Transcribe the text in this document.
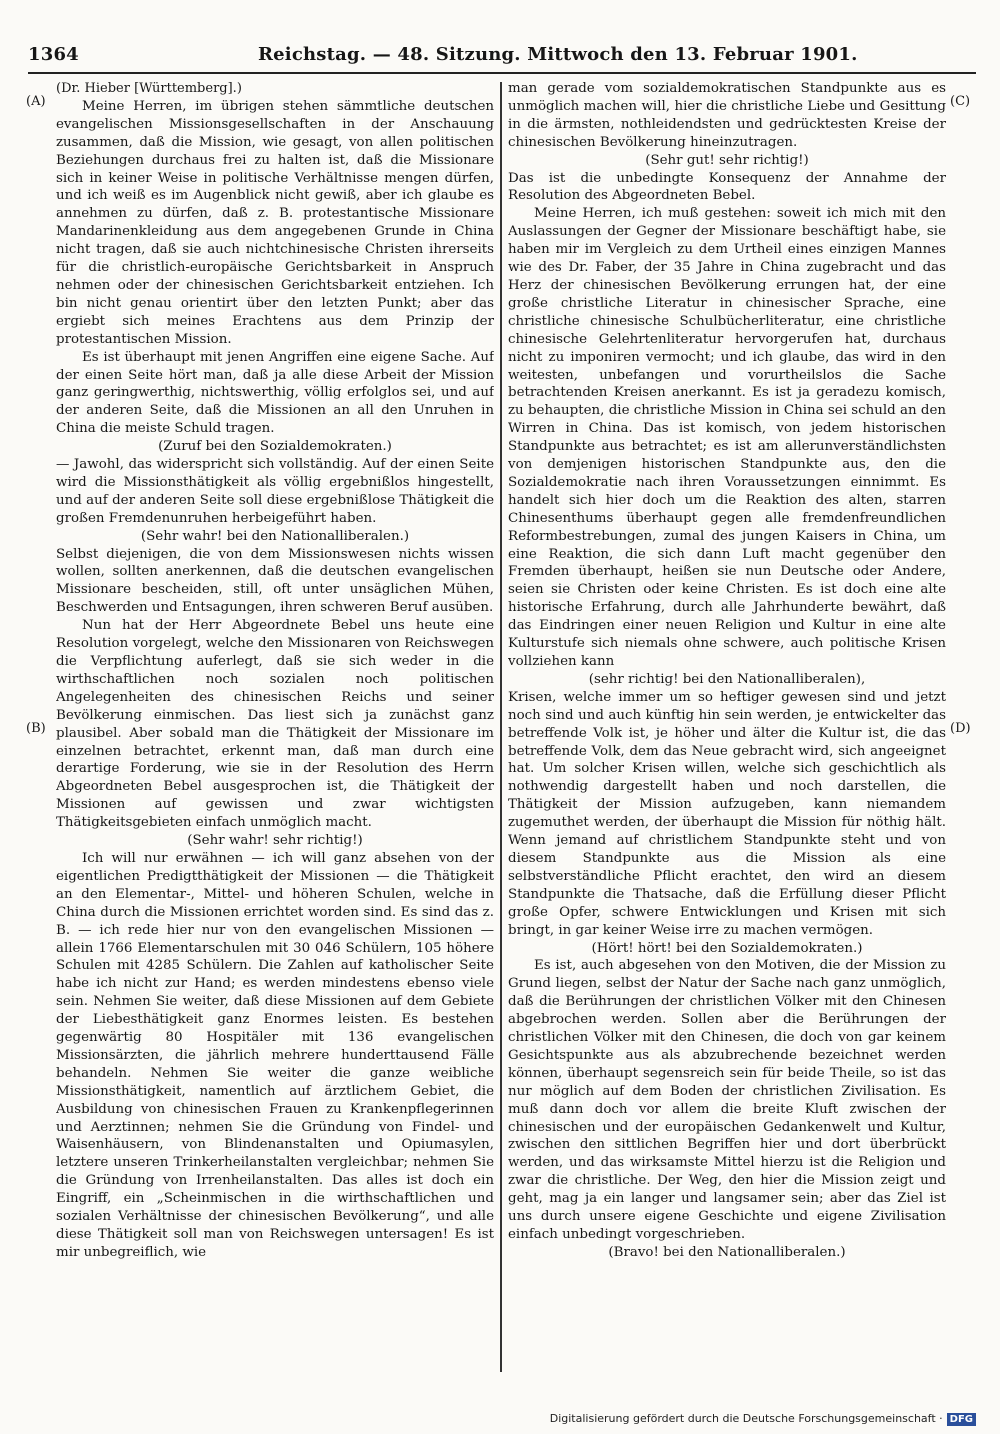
1364	Reichstag. — 48. Sitzung. Mittwoch den 13. Februar 1901.
(A)
(B)
(C)
(D)

(Dr. Hieber [Württemberg].)

Meine Herren, im übrigen stehen sämmtliche deutschen evangelischen Missionsgesellschaften in der Anschauung zusammen, daß die Mission, wie gesagt, von allen politischen Beziehungen durchaus frei zu halten ist, daß die Missionare sich in keiner Weise in politische Verhältnisse mengen dürfen, und ich weiß es im Augenblick nicht gewiß, aber ich glaube es annehmen zu dürfen, daß z. B. protestantische Missionare Mandarinenkleidung aus dem angegebenen Grunde in China nicht tragen, daß sie auch nichtchinesische Christen ihrerseits für die christlich-europäische Gerichtsbarkeit in Anspruch nehmen oder der chinesischen Gerichtsbarkeit entziehen. Ich bin nicht genau orientirt über den letzten Punkt; aber das ergiebt sich meines Erachtens aus dem Prinzip der protestantischen Mission.

Es ist überhaupt mit jenen Angriffen eine eigene Sache. Auf der einen Seite hört man, daß ja alle diese Arbeit der Mission ganz geringwerthig, nichtswerthig, völlig erfolglos sei, und auf der anderen Seite, daß die Missionen an all den Unruhen in China die meiste Schuld tragen.

(Zuruf bei den Sozialdemokraten.)

— Jawohl, das widerspricht sich vollständig. Auf der einen Seite wird die Missionsthätigkeit als völlig ergebnißlos hingestellt, und auf der anderen Seite soll diese ergebnißlose Thätigkeit die großen Fremdenunruhen herbeigeführt haben.

(Sehr wahr! bei den Nationalliberalen.)

Selbst diejenigen, die von dem Missionswesen nichts wissen wollen, sollten anerkennen, daß die deutschen evangelischen Missionare bescheiden, still, oft unter unsäglichen Mühen, Beschwerden und Entsagungen, ihren schweren Beruf ausüben.

Nun hat der Herr Abgeordnete Bebel uns heute eine Resolution vorgelegt, welche den Missionaren von Reichswegen die Verpflichtung auferlegt, daß sie sich weder in die wirthschaftlichen noch sozialen noch politischen Angelegenheiten des chinesischen Reichs und seiner Bevölkerung einmischen. Das liest sich ja zunächst ganz plausibel. Aber sobald man die Thätigkeit der Missionare im einzelnen betrachtet, erkennt man, daß man durch eine derartige Forderung, wie sie in der Resolution des Herrn Abgeordneten Bebel ausgesprochen ist, die Thätigkeit der Missionen auf gewissen und zwar wichtigsten Thätigkeitsgebieten einfach unmöglich macht.

(Sehr wahr! sehr richtig!)

Ich will nur erwähnen — ich will ganz absehen von der eigentlichen Predigtthätigkeit der Missionen — die Thätigkeit an den Elementar-, Mittel- und höheren Schulen, welche in China durch die Missionen errichtet worden sind. Es sind das z. B. — ich rede hier nur von den evangelischen Missionen — allein 1766 Elementarschulen mit 30 046 Schülern, 105 höhere Schulen mit 4285 Schülern. Die Zahlen auf katholischer Seite habe ich nicht zur Hand; es werden mindestens ebenso viele sein. Nehmen Sie weiter, daß diese Missionen auf dem Gebiete der Liebesthätigkeit ganz Enormes leisten. Es bestehen gegenwärtig 80 Hospitäler mit 136 evangelischen Missionsärzten, die jährlich mehrere hunderttausend Fälle behandeln. Nehmen Sie weiter die ganze weibliche Missionsthätigkeit, namentlich auf ärztlichem Gebiet, die Ausbildung von chinesischen Frauen zu Krankenpflegerinnen und Aerztinnen; nehmen Sie die Gründung von Findel- und Waisenhäusern, von Blindenanstalten und Opiumasylen, letztere unseren Trinkerheilanstalten vergleichbar; nehmen Sie die Gründung von Irrenheilanstalten. Das alles ist doch ein Eingriff, ein „Scheinmischen in die wirthschaftlichen und sozialen Verhältnisse der chinesischen Bevölkerung“, und alle diese Thätigkeit soll man von Reichswegen untersagen! Es ist mir unbegreiflich, wie

man gerade vom sozialdemokratischen Standpunkte aus es unmöglich machen will, hier die christliche Liebe und Gesittung in die ärmsten, nothleidendsten und gedrücktesten Kreise der chinesischen Bevölkerung hineinzutragen.

(Sehr gut! sehr richtig!)

Das ist die unbedingte Konsequenz der Annahme der Resolution des Abgeordneten Bebel.

Meine Herren, ich muß gestehen: soweit ich mich mit den Auslassungen der Gegner der Missionare beschäftigt habe, sie haben mir im Vergleich zu dem Urtheil eines einzigen Mannes wie des Dr. Faber, der 35 Jahre in China zugebracht und das Herz der chinesischen Bevölkerung errungen hat, der eine große christliche Literatur in chinesischer Sprache, eine christliche chinesische Schulbücherliteratur, eine christliche chinesische Gelehrtenliteratur hervorgerufen hat, durchaus nicht zu imponiren vermocht; und ich glaube, das wird in den weitesten, unbefangen und vorurtheilslos die Sache betrachtenden Kreisen anerkannt. Es ist ja geradezu komisch, zu behaupten, die christliche Mission in China sei schuld an den Wirren in China. Das ist komisch, von jedem historischen Standpunkte aus betrachtet; es ist am allerunverständlichsten von demjenigen historischen Standpunkte aus, den die Sozialdemokratie nach ihren Voraussetzungen einnimmt. Es handelt sich hier doch um die Reaktion des alten, starren Chinesenthums überhaupt gegen alle fremdenfreundlichen Reformbestrebungen, zumal des jungen Kaisers in China, um eine Reaktion, die sich dann Luft macht gegenüber den Fremden überhaupt, heißen sie nun Deutsche oder Andere, seien sie Christen oder keine Christen. Es ist doch eine alte historische Erfahrung, durch alle Jahrhunderte bewährt, daß das Eindringen einer neuen Religion und Kultur in eine alte Kulturstufe sich niemals ohne schwere, auch politische Krisen vollziehen kann

(sehr richtig! bei den Nationalliberalen),

Krisen, welche immer um so heftiger gewesen sind und jetzt noch sind und auch künftig hin sein werden, je entwickelter das betreffende Volk ist, je höher und älter die Kultur ist, die das betreffende Volk, dem das Neue gebracht wird, sich angeeignet hat. Um solcher Krisen willen, welche sich geschichtlich als nothwendig dargestellt haben und noch darstellen, die Thätigkeit der Mission aufzugeben, kann niemandem zugemuthet werden, der überhaupt die Mission für nöthig hält. Wenn jemand auf christlichem Standpunkte steht und von diesem Standpunkte aus die Mission als eine selbstverständliche Pflicht erachtet, den wird an diesem Standpunkte die Thatsache, daß die Erfüllung dieser Pflicht große Opfer, schwere Entwicklungen und Krisen mit sich bringt, in gar keiner Weise irre zu machen vermögen.

(Hört! hört! bei den Sozialdemokraten.)

Es ist, auch abgesehen von den Motiven, die der Mission zu Grund liegen, selbst der Natur der Sache nach ganz unmöglich, daß die Berührungen der christlichen Völker mit den Chinesen abgebrochen werden. Sollen aber die Berührungen der christlichen Völker mit den Chinesen, die doch von gar keinem Gesichtspunkte aus als abzubrechende bezeichnet werden können, überhaupt segensreich sein für beide Theile, so ist das nur möglich auf dem Boden der christlichen Zivilisation. Es muß dann doch vor allem die breite Kluft zwischen der chinesischen und der europäischen Gedankenwelt und Kultur, zwischen den sittlichen Begriffen hier und dort überbrückt werden, und das wirksamste Mittel hierzu ist die Religion und zwar die christliche. Der Weg, den hier die Mission zeigt und geht, mag ja ein langer und langsamer sein; aber das Ziel ist uns durch unsere eigene Geschichte und eigene Zivilisation einfach unbedingt vorgeschrieben.

(Bravo! bei den Nationalliberalen.)

Digitalisierung gefördert durch die Deutsche Forschungsgemeinschaft · DFG
